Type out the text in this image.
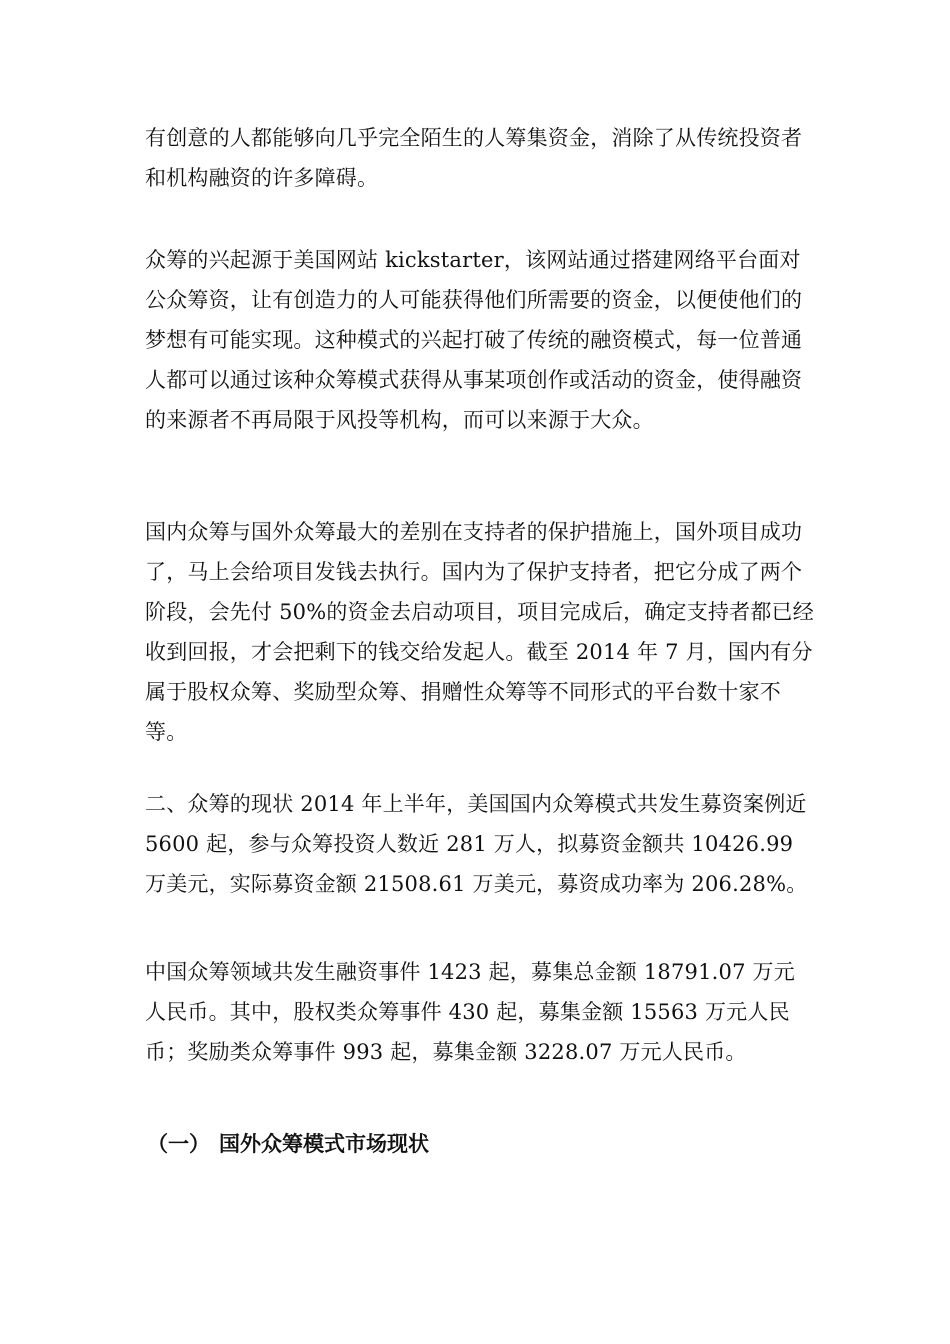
有创意的人都能够向几乎完全陌生的人筹集资金，消除了从传统投资者和机构融资的许多障碍。

众筹的兴起源于美国网站 kickstarter，该网站通过搭建网络平台面对公众筹资，让有创造力的人可能获得他们所需要的资金，以便使他们的梦想有可能实现。这种模式的兴起打破了传统的融资模式，每一位普通人都可以通过该种众筹模式获得从事某项创作或活动的资金，使得融资的来源者不再局限于风投等机构，而可以来源于大众。

国内众筹与国外众筹最大的差别在支持者的保护措施上，国外项目成功了，马上会给项目发钱去执行。国内为了保护支持者，把它分成了两个阶段，会先付 50%的资金去启动项目，项目完成后，确定支持者都已经收到回报，才会把剩下的钱交给发起人。截至 2014 年 7 月，国内有分属于股权众筹、奖励型众筹、捐赠性众筹等不同形式的平台数十家不等。

二、众筹的现状 2014 年上半年，美国国内众筹模式共发生募资案例近 5600 起，参与众筹投资人数近 281 万人，拟募资金额共 10426.99 万美元，实际募资金额 21508.61 万美元，募资成功率为 206.28%。

中国众筹领域共发生融资事件 1423 起，募集总金额 18791.07 万元人民币。其中，股权类众筹事件 430 起，募集金额 15563 万元人民币；奖励类众筹事件 993 起，募集金额 3228.07 万元人民币。

（一） 国外众筹模式市场现状
